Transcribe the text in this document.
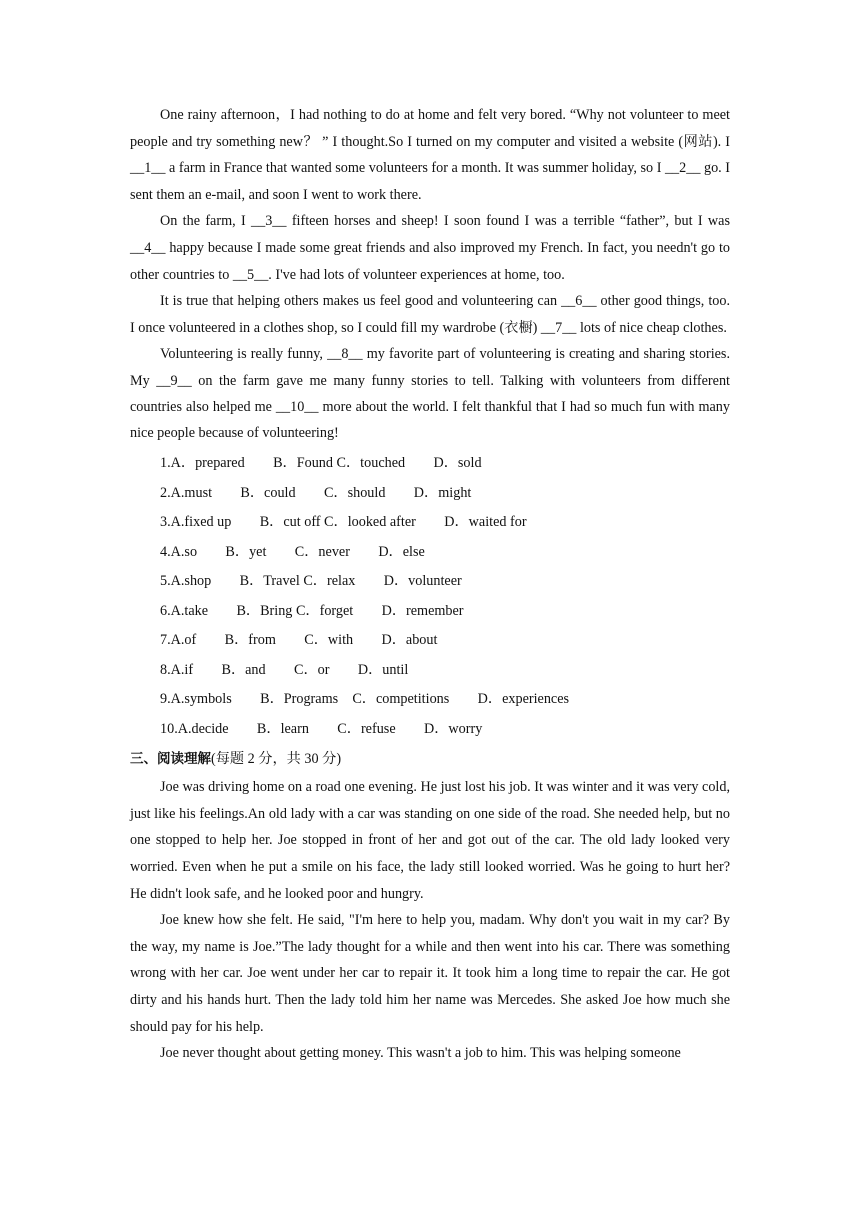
One rainy afternoon，I had nothing to do at home and felt very bored. “Why not volunteer to meet people and try something new？ ” I thought.So I turned on my computer and visited a website (网站). I __1__ a farm in France that wanted some volunteers for a month. It was summer holiday, so I __2__ go. I sent them an e-mail, and soon I went to work there.

On the farm, I __3__ fifteen horses and sheep! I soon found I was a terrible “father”, but I was __4__ happy because I made some great friends and also improved my French. In fact, you needn't go to other countries to __5__. I've had lots of volunteer experiences at home, too.

It is true that helping others makes us feel good and volunteering can __6__ other good things, too. I once volunteered in a clothes shop, so I could fill my wardrobe (衣橱) __7__ lots of nice cheap clothes.

Volunteering is really funny, __8__ my favorite part of volunteering is creating and sharing stories. My __9__ on the farm gave me many funny stories to tell. Talking with volunteers from different countries also helped me __10__ more about the world. I felt thankful that I had so much fun with many nice people because of volunteering!

1.A．prepared        B．Found C．touched        D．sold
2.A.must        B．could        C．should        D．might
3.A.fixed up        B．cut off C．looked after        D．waited for
4.A.so        B．yet        C．never        D．else
5.A.shop        B．Travel C．relax        D．volunteer
6.A.take        B．Bring C．forget        D．remember
7.A.of        B．from        C．with        D．about
8.A.if        B．and        C．or        D．until
9.A.symbols        B．Programs    C．competitions        D．experiences
10.A.decide        B．learn        C．refuse        D．worry
三、阅读理解(每题 2 分，共 30 分)

Joe was driving home on a road one evening. He just lost his job. It was winter and it was very cold, just like his feelings.An old lady with a car was standing on one side of the road. She needed help, but no one stopped to help her. Joe stopped in front of her and got out of the car. The old lady looked very worried. Even when he put a smile on his face, the lady still looked worried. Was he going to hurt her? He didn't look safe, and he looked poor and hungry.

Joe knew how she felt. He said, "I'm here to help you, madam. Why don't you wait in my car? By the way, my name is Joe.”The lady thought for a while and then went into his car. There was something wrong with her car. Joe went under her car to repair it. It took him a long time to repair the car. He got dirty and his hands hurt. Then the lady told him her name was Mercedes. She asked Joe how much she should pay for his help.

Joe never thought about getting money. This wasn't a job to him. This was helping someone
